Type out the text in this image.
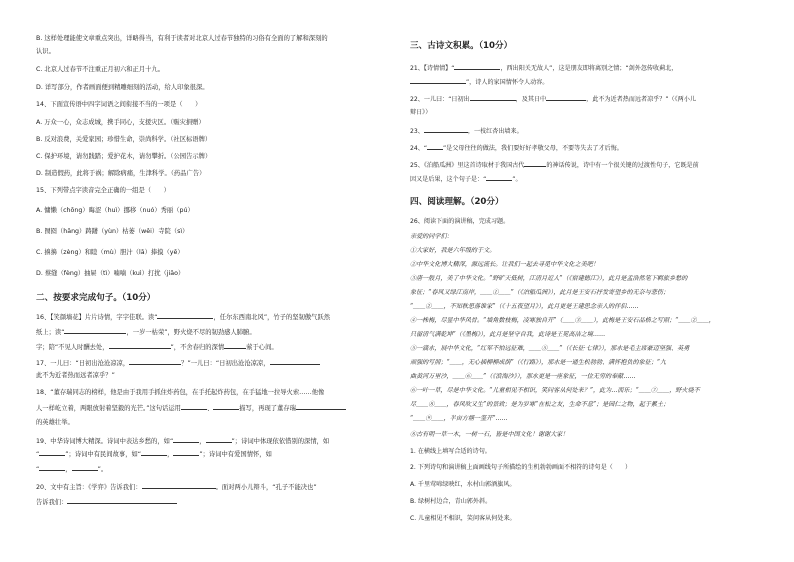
B. 这样处理能使文章重点突出，详略得当，有利于读者对北京人过春节独特的习俗有全面的了解和深刻的
认识。
C. 北京人过春节不注重正月初六和正月十九。
D. 详写部分，作者画面便到精雕细刻的活动，给人印象很深。
14、下面宣传语中四字词语之间衔接不当的一项是（　　）
A. 万众一心，众志成城，携手同心，支援灾区。（赈灾捐赠）
B. 反对浪费，关爱家园；珍惜生命，崇尚科学。（社区标语牌）
C. 保护环境，请勿践踏；爱护花木，请勿攀折。（公园告示牌）
D. 制造假药，此将于祸；解除病痛，生津科学。（药品广告）
15、下列带点字读音完全正确的一组是（　　）
A. 慵懒（chōng）晦涩（huì）挪移（nuó）秀丽（pú）
B. 囫囵（hāng）踌躇（yùn）枯萎（wěi）寺院（sì）
C. 擤擤（zèng）和睦（mù）胆汁（lā）捧摸（yē）
D. 蔡缝（fèng）抽屉（tì）喃喃（kuì）打扰（jiāo）
二、按要求完成句子。（10分）
16、【笑颜墙花】片片诗情，字字佳联。读“	，任尔东西南北风”，竹子的坚韧傲气跃然
纸上；读“	，一岁一枯荣”，野火烧不尽的韧劲感人肺腑。
字；陪“不见人时酬去处，	”，不舍春归的深情	萦于心间。
17、一儿曰：“日初出沧沧凉凉，	？”一儿曰：“日初出沧沧凉凉，
此不为近者热而远者凉乎？”
18、“董存瑞同志的榜样，他是由于我用手抓住炸药包，在手托起炸药包，在手猛地一拉导火索……他像
人一样屹立着，两眼放射着坚毅的光芒。”这句话运用	、	描写，再现了董存瑞
的英雄壮举。
19、中华诗词博大精深。诗词中表达乡愁的，如“	，	”；诗词中体现依依惜别的深情，如
“	”；诗词中有民间故事，如“	，	”；诗词中有爱国情怀，如
“	，	”。
20、文中有主旨：《学弈》告诉我们：	。面对两小儿辩斗，“孔子不能决也”
告诉我们：
三、古诗文积累。（10分）
21、【诗情情】“	，西出阳关无故人”，这是朋友即将离别之情；“剑外忽传收蓟北，
”，诗人的家国情怀令人动容。
22、一儿曰：“日初出	，及其日中	，此不为近者热而远者凉乎？”（《两小儿
辩日》）
23、	，一枝红杏出墙来。
24、“	”是父母往往的做法，我们要好好孝敬父母，不要等失去了才后悔。
25、《泊船瓜洲》里这首诗取材于我国古代	的神话传说，诗中有一个很关键的过渡性句子，它既是前
因又是后果，这个句子是：“	”。
四、阅读理解。（20分）
26、阅读下面的演讲稿，完成习题。
亲爱的同学们：
①大家好，我是六年级的于文。
②中华文化博大精深，源远流长。让我们一起去寻觅中华文化之美吧！
③唐一般月，美了中华文化。“野旷天低树，江清月近人”（《宿建德江》），此月是孟浩然笔下羁旅乡愁的
象征；“春风又绿江南岸，＿＿①＿＿”（《泊船瓜洲》），此月是王安石抒发寄望乡的无奈与悲伤；
“＿＿②＿＿，不知秋思落谁家”（《十五夜望月》），此月更是王建思念亲人的伴侣……
④一株梅，尽显中华风骨。“墙角数枝梅，凌寒独自开”（＿＿③＿＿），此梅是王安石品格之写照；“＿＿②＿＿，
只留清气满乾坤”（《墨梅》），此月是坚守自我，此诗是王冕高洁之境……
⑤一滴水，展中华文化，“红军不怕远征难，＿＿⑤＿＿”（《长征·七律》），那水是毛主席豪迈坚强、英勇
顽强的写照；“＿＿，无心插柳柳成荫”（《行路》），那水是一通生机勃勃、满怀抱负的象征；“九
曲黄河万里沙，＿＿⑥＿＿”（《浪淘沙》），那水更是一座象征，一位无穷的奉献……
⑥一叶一草，尽是中华文化。“儿童相见不相识，笑问客从何处来？”，此为…而乐；“＿＿⑦＿＿，野火烧不
尽＿＿⑧＿＿，春风吹又生”的景致；是为岁寒“在松之友，生命不息”；是园仁之物，起于累土；
“＿＿⑨＿＿，半亩方塘一鉴开”……
⑧古有明一草一木，一树一石，皆是中国文化！谢谢大家！
1. 在横线上填写合适的诗句。
2. 下列诗句和演讲稿上面画线句子所描绘的生机勃勃画面不相符的诗句是（　　）
A. 千里莺啼绿映红，水村山郭酒旗风。
B. 绿树村边合，青山郭外斜。
C. 儿童相见不相识，笑问客从何处来。
